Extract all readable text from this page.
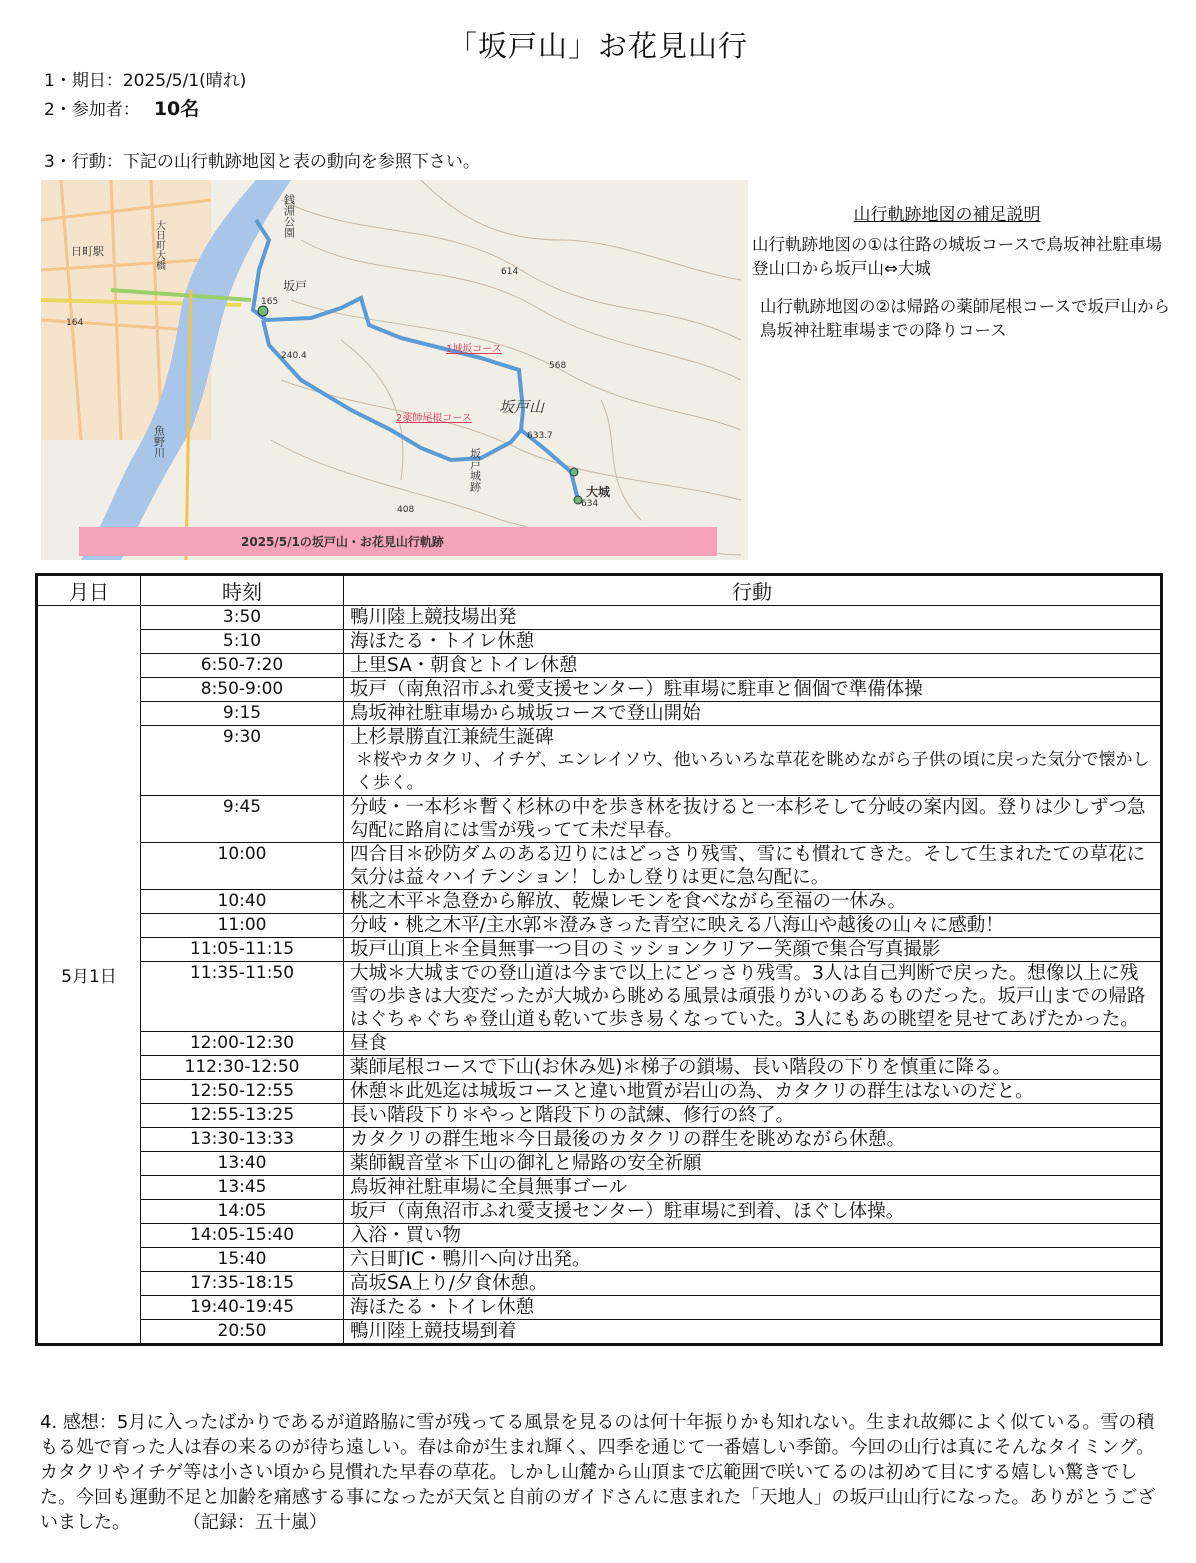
「坂戸山」お花見山行
1・期日：2025/5/1(晴れ)
2・参加者： 10名
3・行動：下記の山行軌跡地図と表の動向を参照下さい。
銭淵公園
坂戸
1城坂コース
2薬師尾根コース
坂戸山
坂戸城跡	大城
日町駅
魚野川
大日町大橋
165
164
614
568
634
408
633.7
240.4
2025/5/1の坂戸山・お花見山行軌跡
山行軌跡地図の補足説明

山行軌跡地図の①は往路の城坂コースで鳥坂神社駐車場登山口から坂戸山⇔大城

山行軌跡地図の②は帰路の薬師尾根コースで坂戸山から鳥坂神社駐車場までの降りコース

月日	時刻	行動
5月1日	3:50	鴨川陸上競技場出発

	5:10	海ほたる・トイレ休憩

	6:50-7:20	上里SA・朝食とトイレ休憩

	8:50-9:00	坂戸（南魚沼市ふれ愛支援センター）駐車場に駐車と個個で準備体操

	9:15	鳥坂神社駐車場から城坂コースで登山開始

	9:30	上杉景勝直江兼続生誕碑
＊桜やカタクリ、イチゲ、エンレイソウ、他いろいろな草花を眺めながら子供の頃に戻った気分で懐かしく歩く。

	9:45	分岐・一本杉＊暫く杉林の中を歩き林を抜けると一本杉そして分岐の案内図。登りは少しずつ急勾配に路肩には雪が残ってて未だ早春。

	10:00	四合目＊砂防ダムのある辺りにはどっさり残雪、雪にも慣れてきた。そして生まれたての草花に気分は益々ハイテンション！しかし登りは更に急勾配に。

	10:40	桃之木平＊急登から解放、乾燥レモンを食べながら至福の一休み。

	11:00	分岐・桃之木平/主水郭＊澄みきった青空に映える八海山や越後の山々に感動！

	11:05-11:15	坂戸山頂上＊全員無事一つ目のミッションクリアー笑顔で集合写真撮影

	11:35-11:50	大城＊大城までの登山道は今まで以上にどっさり残雪。3人は自己判断で戻った。想像以上に残雪の歩きは大変だったが大城から眺める風景は頑張りがいのあるものだった。坂戸山までの帰路はぐちゃぐちゃ登山道も乾いて歩き易くなっていた。3人にもあの眺望を見せてあげたかった。

	12:00-12:30	昼食

	112:30-12:50	薬師尾根コースで下山(お休み処)＊梯子の鎖場、長い階段の下りを慎重に降る。

	12:50-12:55	休憩＊此処迄は城坂コースと違い地質が岩山の為、カタクリの群生はないのだと。

	12:55-13:25	長い階段下り＊やっと階段下りの試練、修行の終了。

	13:30-13:33	カタクリの群生地＊今日最後のカタクリの群生を眺めながら休憩。

	13:40	薬師観音堂＊下山の御礼と帰路の安全祈願

	13:45	鳥坂神社駐車場に全員無事ゴール

	14:05	坂戸（南魚沼市ふれ愛支援センター）駐車場に到着、ほぐし体操。

	14:05-15:40	入浴・買い物

	15:40	六日町IC・鴨川へ向け出発。

	17:35-18:15	高坂SA上り/夕食休憩。

	19:40-19:45	海ほたる・トイレ休憩

	20:50	鴨川陸上競技場到着
4. 感想：5月に入ったばかりであるが道路脇に雪が残ってる風景を見るのは何十年振りかも知れない。生まれ故郷によく似ている。雪の積もる処で育った人は春の来るのが待ち遠しい。春は命が生まれ輝く、四季を通じて一番嬉しい季節。今回の山行は真にそんなタイミング。カタクリやイチゲ等は小さい頃から見慣れた早春の草花。しかし山麓から山頂まで広範囲で咲いてるのは初めて目にする嬉しい驚きでした。今回も運動不足と加齢を痛感する事になったが天気と自前のガイドさんに恵まれた「天地人」の坂戸山山行になった。ありがとうございました。	（記録：五十嵐）
